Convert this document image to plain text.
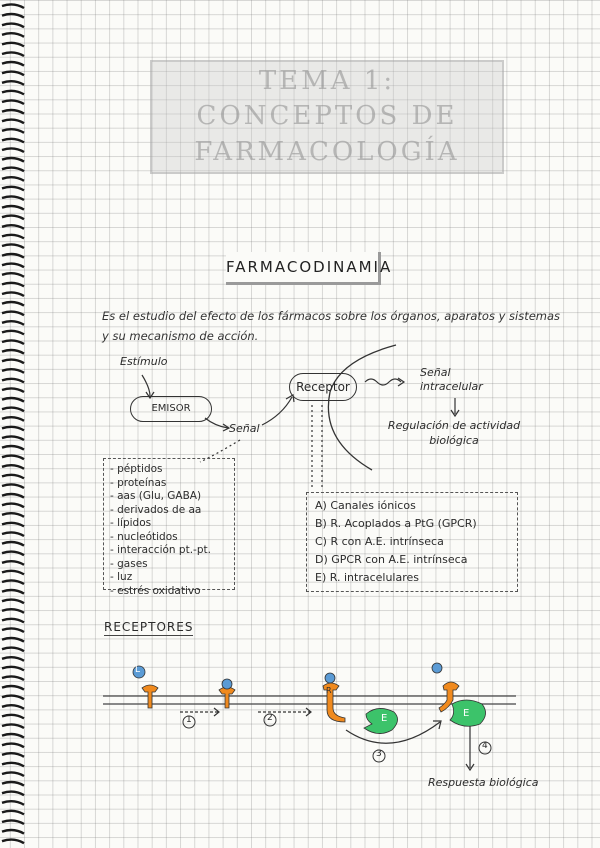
TEMA 1: CONCEPTOS DE
FARMACOLOGÍA
FARMACODINAMIA
Es el estudio del efecto de los fármacos sobre los órganos, aparatos y sistemas y su mecanismo de acción.
Estímulo
EMISOR
Señal
Receptor
Señal intracelular
Regulación de actividad biológica
- péptidos
- proteínas
- aas (Glu, GABA)
- derivados de aa
- lípidos
- nucleótidos
- interacción pt.-pt.
- gases
- luz
- estrés oxidativo
A) Canales iónicos
B) R. Acoplados a PtG (GPCR)
C) R con A.E. intrínseca
D) GPCR con A.E. intrínseca
E) R. intracelulares
RECEPTORES
L
E	E
R
1	2
3
4
Respuesta biológica
